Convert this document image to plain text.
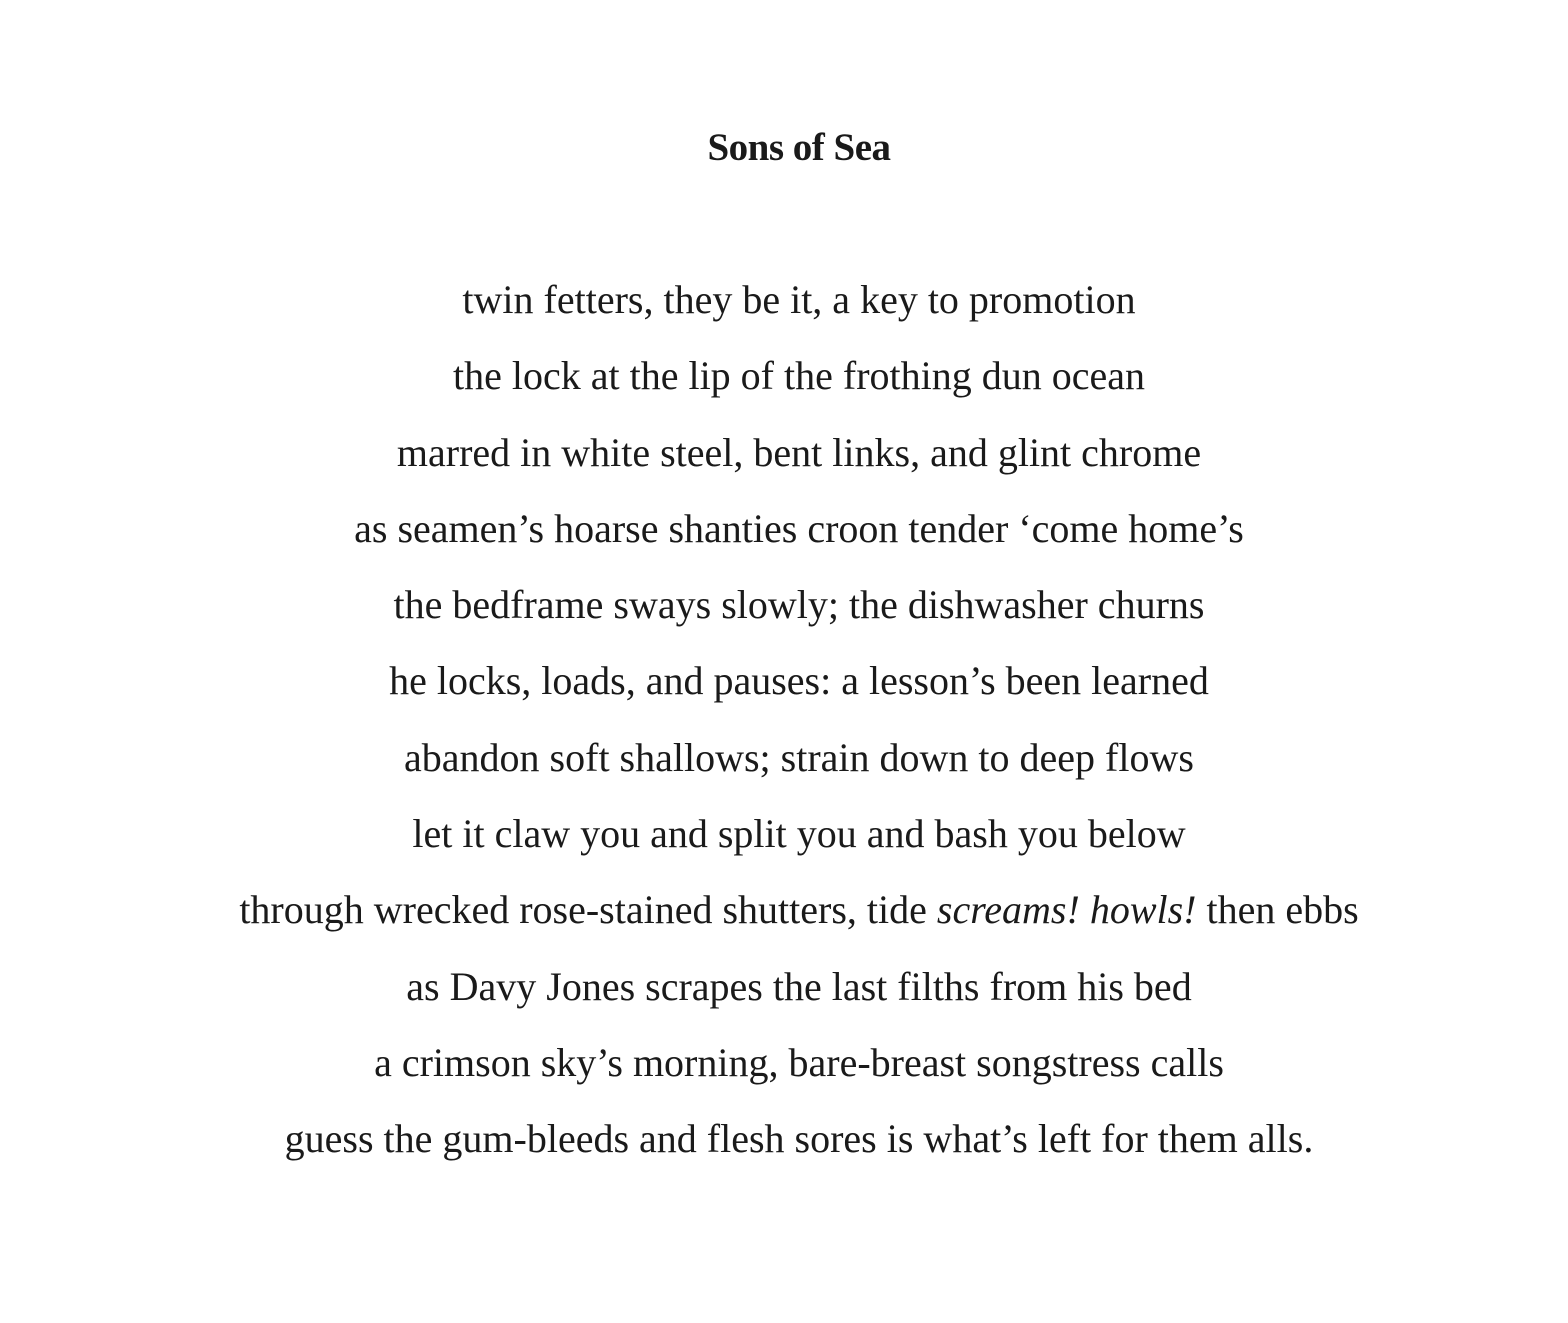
Sons of Sea
twin fetters, they be it, a key to promotion
the lock at the lip of the frothing dun ocean
marred in white steel, bent links, and glint chrome
as seamen’s hoarse shanties croon tender ‘come home’s
the bedframe sways slowly; the dishwasher churns
he locks, loads, and pauses: a lesson’s been learned
abandon soft shallows; strain down to deep flows
let it claw you and split you and bash you below
through wrecked rose-stained shutters, tide screams! howls! then ebbs
as Davy Jones scrapes the last filths from his bed
a crimson sky’s morning, bare-breast songstress calls
guess the gum-bleeds and flesh sores is what’s left for them alls.
